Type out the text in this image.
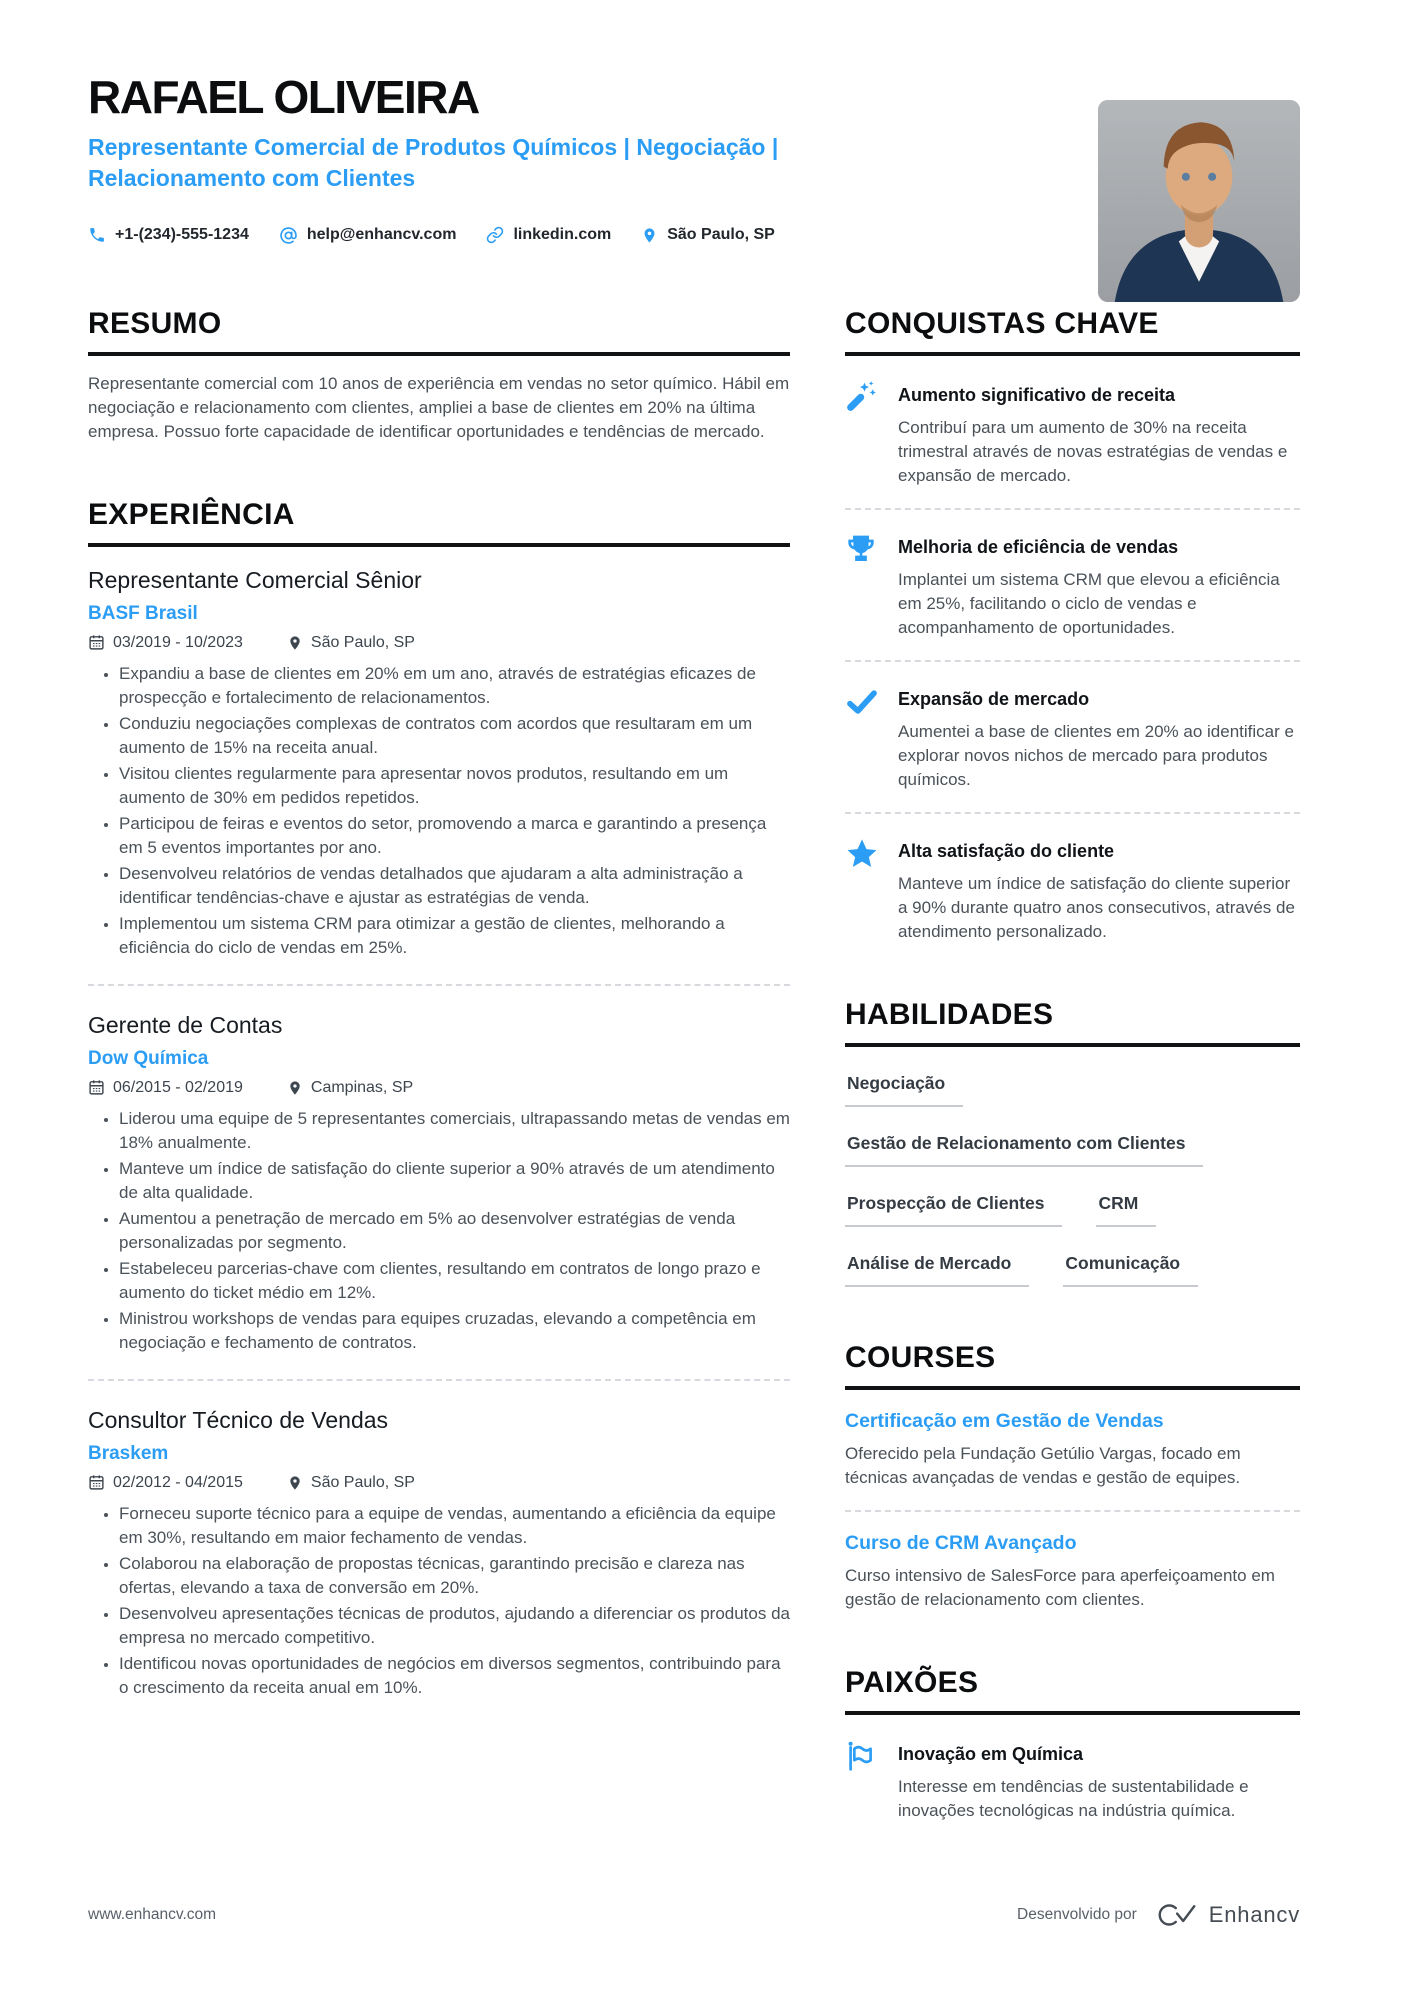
RAFAEL OLIVEIRA
Representante Comercial de Produtos Químicos | Negociação |
Relacionamento com Clientes
+1-(234)-555-1234	help@enhancv.com	linkedin.com	São Paulo, SP
RESUMO

Representante comercial com 10 anos de experiência em vendas no setor químico. Hábil em negociação e relacionamento com clientes, ampliei a base de clientes em 20% na última empresa. Possuo forte capacidade de identificar oportunidades e tendências de mercado.

EXPERIÊNCIA
Representante Comercial Sênior
BASF Brasil
03/2019 - 10/2023	São Paulo, SP
• Expandiu a base de clientes em 20% em um ano, através de estratégias eficazes de prospecção e fortalecimento de relacionamentos.
• Conduziu negociações complexas de contratos com acordos que resultaram em um aumento de 15% na receita anual.
• Visitou clientes regularmente para apresentar novos produtos, resultando em um aumento de 30% em pedidos repetidos.
• Participou de feiras e eventos do setor, promovendo a marca e garantindo a presença em 5 eventos importantes por ano.
• Desenvolveu relatórios de vendas detalhados que ajudaram a alta administração a identificar tendências-chave e ajustar as estratégias de venda.
• Implementou um sistema CRM para otimizar a gestão de clientes, melhorando a eficiência do ciclo de vendas em 25%.
Gerente de Contas
Dow Química
06/2015 - 02/2019	Campinas, SP
• Liderou uma equipe de 5 representantes comerciais, ultrapassando metas de vendas em 18% anualmente.
• Manteve um índice de satisfação do cliente superior a 90% através de um atendimento de alta qualidade.
• Aumentou a penetração de mercado em 5% ao desenvolver estratégias de venda personalizadas por segmento.
• Estabeleceu parcerias-chave com clientes, resultando em contratos de longo prazo e aumento do ticket médio em 12%.
• Ministrou workshops de vendas para equipes cruzadas, elevando a competência em negociação e fechamento de contratos.
Consultor Técnico de Vendas
Braskem
02/2012 - 04/2015	São Paulo, SP
• Forneceu suporte técnico para a equipe de vendas, aumentando a eficiência da equipe em 30%, resultando em maior fechamento de vendas.
• Colaborou na elaboração de propostas técnicas, garantindo precisão e clareza nas ofertas, elevando a taxa de conversão em 20%.
• Desenvolveu apresentações técnicas de produtos, ajudando a diferenciar os produtos da empresa no mercado competitivo.
• Identificou novas oportunidades de negócios em diversos segmentos, contribuindo para o crescimento da receita anual em 10%.
CONQUISTAS CHAVE
Aumento significativo de receita

Contribuí para um aumento de 30% na receita trimestral através de novas estratégias de vendas e expansão de mercado.

Melhoria de eficiência de vendas

Implantei um sistema CRM que elevou a eficiência em 25%, facilitando o ciclo de vendas e acompanhamento de oportunidades.

Expansão de mercado

Aumentei a base de clientes em 20% ao identificar e explorar novos nichos de mercado para produtos químicos.

Alta satisfação do cliente

Manteve um índice de satisfação do cliente superior a 90% durante quatro anos consecutivos, através de atendimento personalizado.

HABILIDADES
Negociação
Gestão de Relacionamento com Clientes
Prospecção de Clientes	CRM
Análise de Mercado	Comunicação
COURSES
Certificação em Gestão de Vendas

Oferecido pela Fundação Getúlio Vargas, focado em técnicas avançadas de vendas e gestão de equipes.

Curso de CRM Avançado

Curso intensivo de SalesForce para aperfeiçoamento em gestão de relacionamento com clientes.

PAIXÕES
Inovação em Química

Interesse em tendências de sustentabilidade e inovações tecnológicas na indústria química.

www.enhancv.com	Desenvolvido por	Enhancv
